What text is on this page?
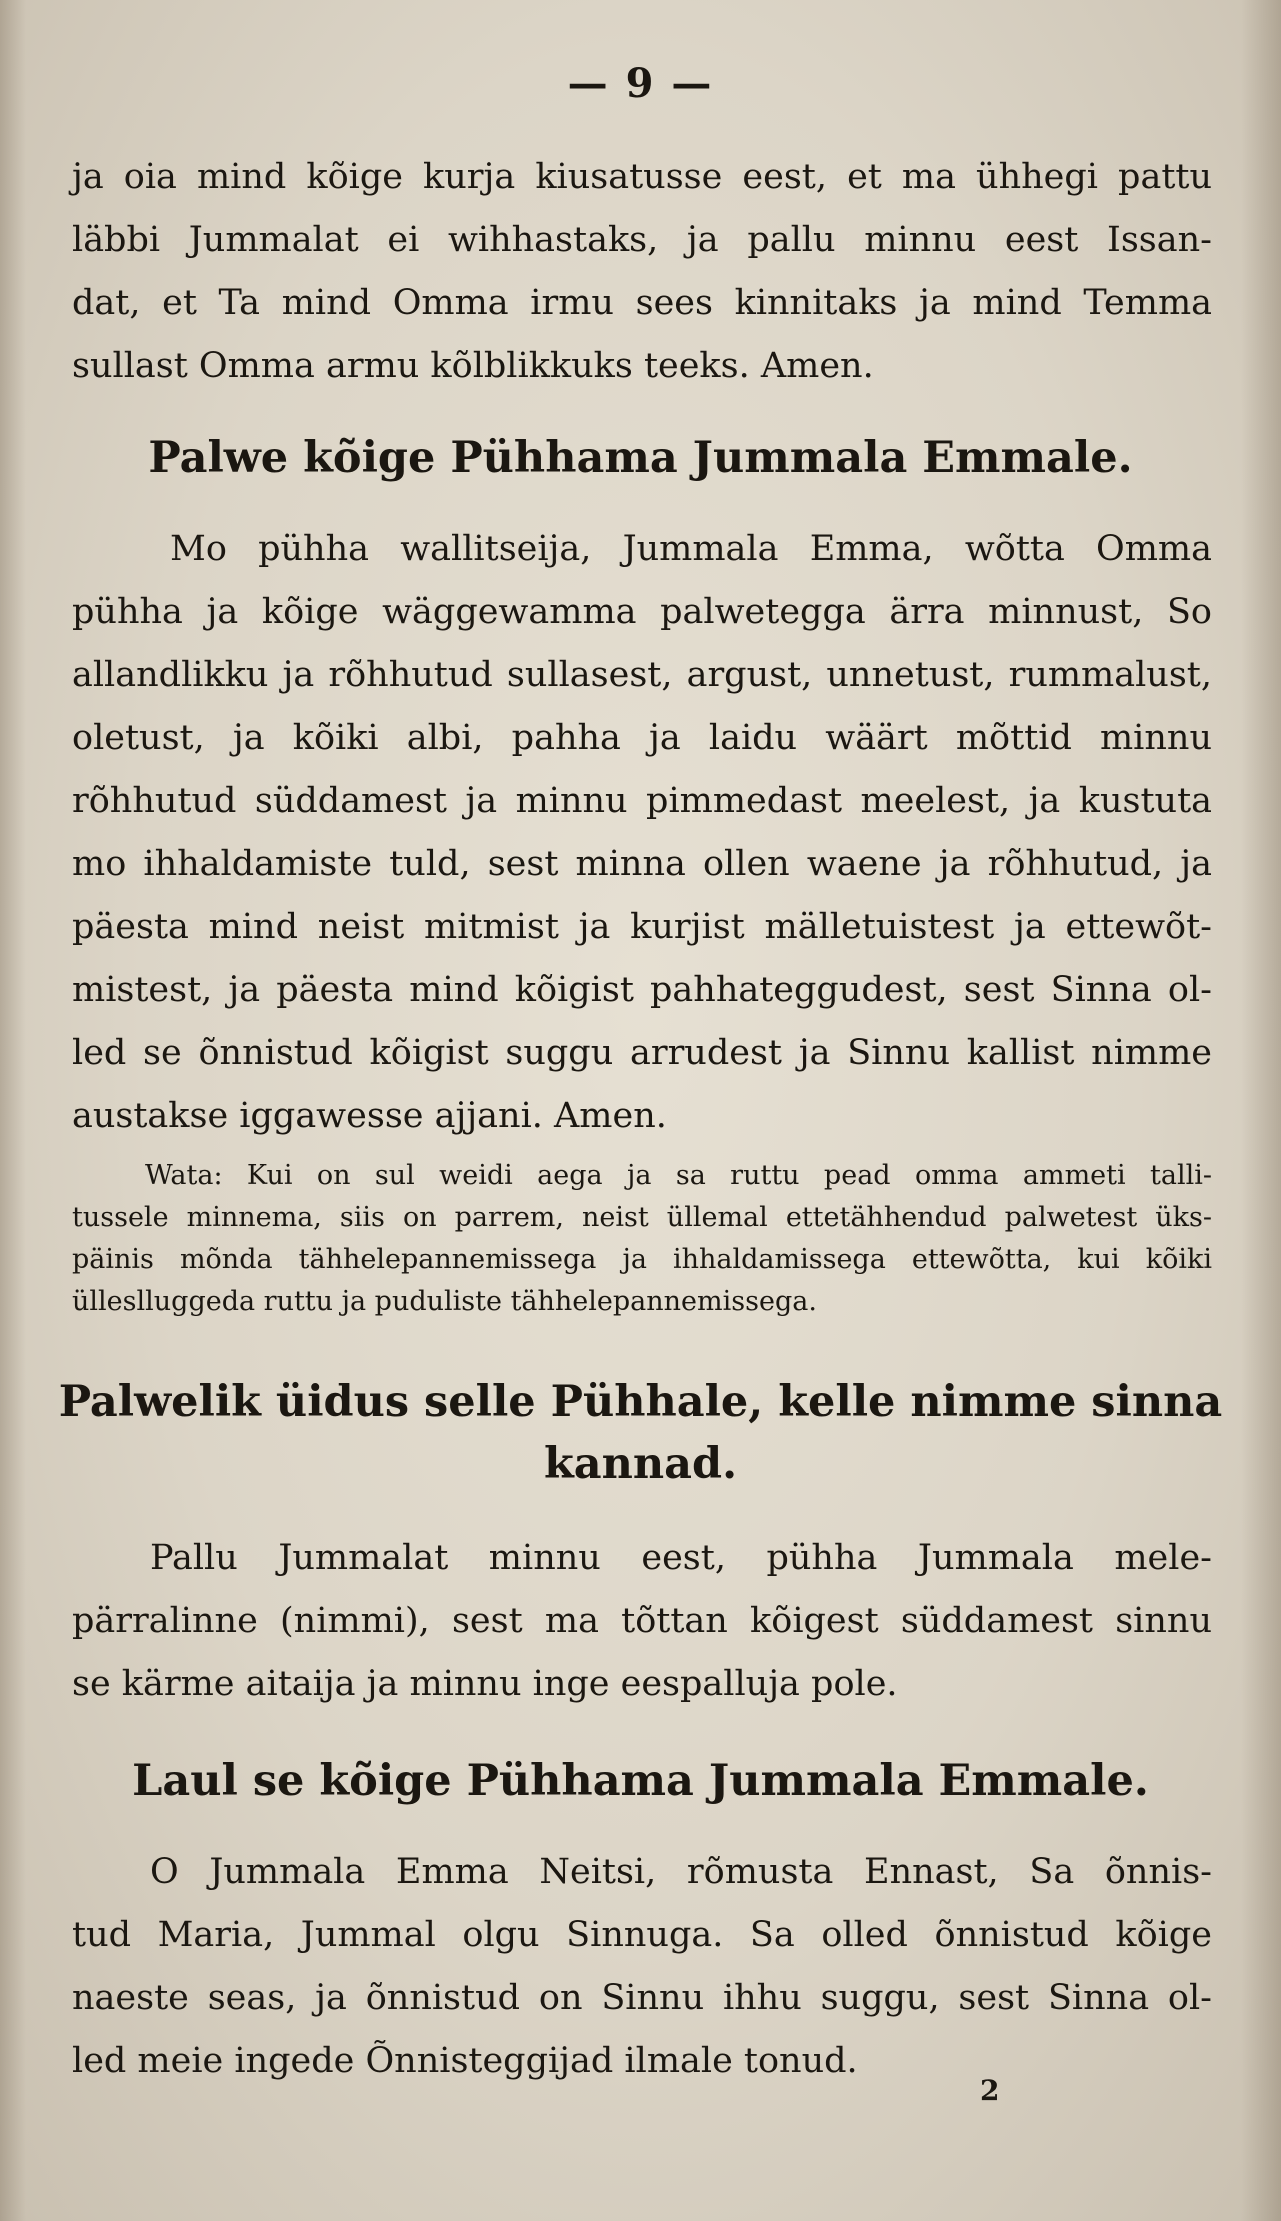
— 9 —
ja oia mind kõige kurja kiusatusse eest, et ma ühhegi pattu
läbbi Jummalat ei wihhastaks, ja pallu minnu eest Issan-
dat, et Ta mind Omma irmu sees kinnitaks ja mind Temma
sullast Omma armu kõlblikkuks teeks. Amen.
Palwe kõige Pühhama Jummala Emmale.
Mo pühha wallitseija, Jummala Emma, wõtta Omma
pühha ja kõige wäggewamma palwetegga ärra minnust, So
allandlikku ja rõhhutud sullasest, argust, unnetust, rummalust,
oletust, ja kõiki albi, pahha ja laidu wäärt mõttid minnu
rõhhutud süddamest ja minnu pimmedast meelest, ja kustuta
mo ihhaldamiste tuld, sest minna ollen waene ja rõhhutud, ja
päesta mind neist mitmist ja kurjist mälletuistest ja ettewõt-
mistest, ja päesta mind kõigist pahhateggudest, sest Sinna ol-
led se õnnistud kõigist suggu arrudest ja Sinnu kallist nimme
austakse iggawesse ajjani. Amen.
Wata: Kui on sul weidi aega ja sa ruttu pead omma ammeti talli-
tussele minnema, siis on parrem, neist üllemal ettetähhendud palwetest üks-
päinis mõnda tähhelepannemissega ja ihhaldamissega ettewõtta, kui kõiki
ülleslluggeda ruttu ja puduliste tähhelepannemissega.
Palwelik üidus selle Pühhale, kelle nimme sinna
kannad.
Pallu Jummalat minnu eest, pühha Jummala mele-
pärralinne (nimmi), sest ma tõttan kõigest süddamest sinnu
se kärme aitaija ja minnu inge eespalluja pole.
Laul se kõige Pühhama Jummala Emmale.
O Jummala Emma Neitsi, rõmusta Ennast, Sa õnnis-
tud Maria, Jummal olgu Sinnuga. Sa olled õnnistud kõige
naeste seas, ja õnnistud on Sinnu ihhu suggu, sest Sinna ol-
led meie ingede Õnnisteggijad ilmale tonud.
2
